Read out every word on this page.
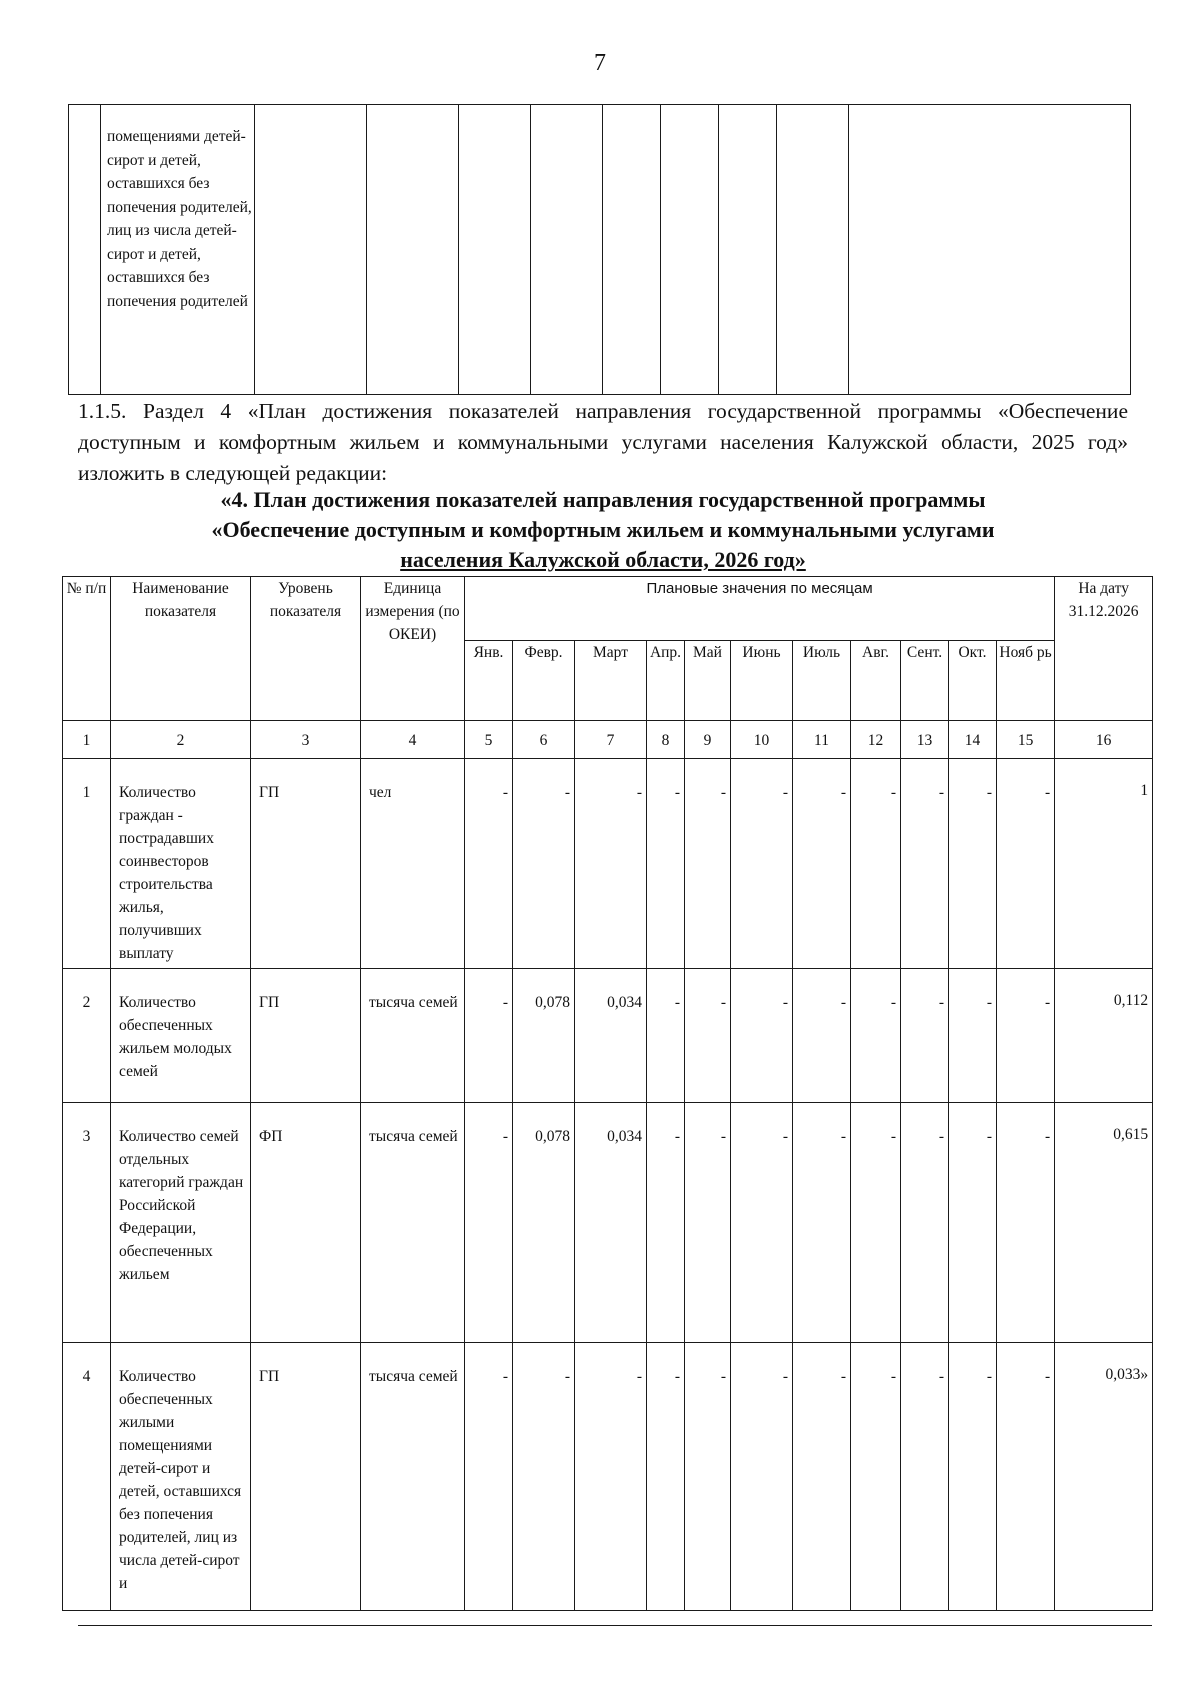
7

помещениями детей-сирот и детей, оставшихся без попечения родителей, лиц из числа детей-сирот и детей, оставшихся без попечения родителей

1.1.5. Раздел 4 «План достижения показателей направления государственной программы «Обеспечение доступным и комфортным жильем и коммунальными услугами населения Калужской области, 2025 год» изложить в следующей редакции:
«4. План достижения показателей направления государственной программы
«Обеспечение доступным и комфортным жильем и коммунальными услугами
населения Калужской области, 2026 год»
№ п/п	Наименование показателя	Уровень показателя	Единица измерения (по ОКЕИ)	Плановые значения по месяцам											На дату 31.12.2026
				Янв.	Февр.	Март	Апр.	Май	Июнь	Июль	Авг.	Сент.	Окт.	Нояб рь	
1	2	3	4	5	6	7	8	9	10	11	12	13	14	15	16
1	Количество граждан - пострадавших соинвесторов строительства жилья, получивших выплату	ГП	чел	-	-	-	-	-	-	-	-	-	-	-	1
2	Количество обеспеченных жильем молодых семей	ГП	тысяча семей	-	0,078	0,034	-	-	-	-	-	-	-	-	0,112
3	Количество семей отдельных категорий граждан Российской Федерации, обеспеченных жильем	ФП	тысяча семей	-	0,078	0,034	-	-	-	-	-	-	-	-	0,615
4	Количество обеспеченных жилыми помещениями детей-сирот и детей, оставшихся без попечения родителей, лиц из числа детей-сирот и	ГП	тысяча семей	-	-	-	-	-	-	-	-	-	-	-	0,033»
